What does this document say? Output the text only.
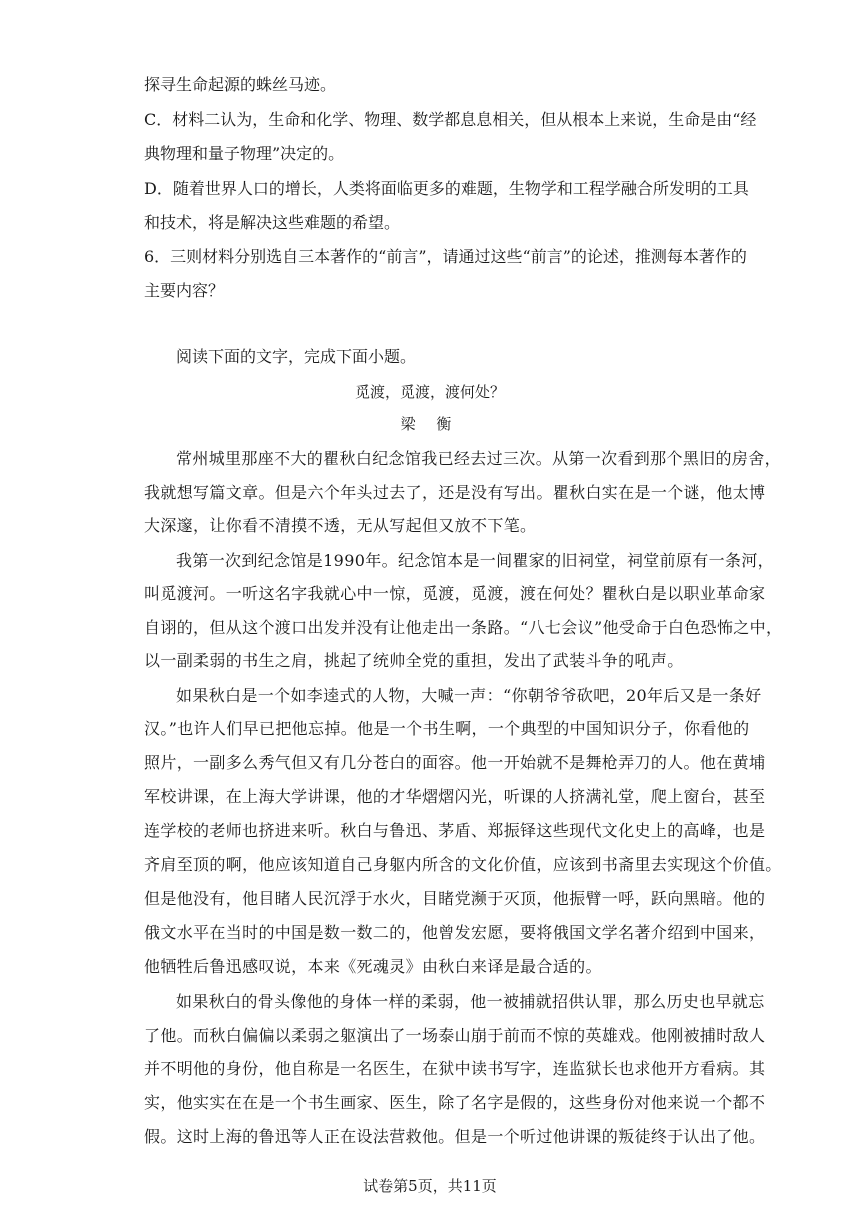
探寻生命起源的蛛丝马迹。
C．材料二认为，生命和化学、物理、数学都息息相关，但从根本上来说，生命是由“经
典物理和量子物理”决定的。
D．随着世界人口的增长，人类将面临更多的难题，生物学和工程学融合所发明的工具
和技术，将是解决这些难题的希望。
6．三则材料分别选自三本著作的“前言”，请通过这些“前言”的论述，推测每本著作的
主要内容？
阅读下面的文字，完成下面小题。
觅渡，觅渡，渡何处？
梁 衡
常州城里那座不大的瞿秋白纪念馆我已经去过三次。从第一次看到那个黑旧的房舍，
我就想写篇文章。但是六个年头过去了，还是没有写出。瞿秋白实在是一个谜，他太博
大深邃，让你看不清摸不透，无从写起但又放不下笔。
我第一次到纪念馆是1990年。纪念馆本是一间瞿家的旧祠堂，祠堂前原有一条河，
叫觅渡河。一听这名字我就心中一惊，觅渡，觅渡，渡在何处？瞿秋白是以职业革命家
自诩的，但从这个渡口出发并没有让他走出一条路。“八七会议”他受命于白色恐怖之中，
以一副柔弱的书生之肩，挑起了统帅全党的重担，发出了武装斗争的吼声。
如果秋白是一个如李逵式的人物，大喊一声：“你朝爷爷砍吧，20年后又是一条好
汉。”也许人们早已把他忘掉。他是一个书生啊，一个典型的中国知识分子，你看他的
照片，一副多么秀气但又有几分苍白的面容。他一开始就不是舞枪弄刀的人。他在黄埔
军校讲课，在上海大学讲课，他的才华熠熠闪光，听课的人挤满礼堂，爬上窗台，甚至
连学校的老师也挤进来听。秋白与鲁迅、茅盾、郑振铎这些现代文化史上的高峰，也是
齐肩至顶的啊，他应该知道自己身躯内所含的文化价值，应该到书斋里去实现这个价值。
但是他没有，他目睹人民沉浮于水火，目睹党濒于灭顶，他振臂一呼，跃向黑暗。他的
俄文水平在当时的中国是数一数二的，他曾发宏愿，要将俄国文学名著介绍到中国来，
他牺牲后鲁迅感叹说，本来《死魂灵》由秋白来译是最合适的。
如果秋白的骨头像他的身体一样的柔弱，他一被捕就招供认罪，那么历史也早就忘
了他。而秋白偏偏以柔弱之躯演出了一场泰山崩于前而不惊的英雄戏。他刚被捕时敌人
并不明他的身份，他自称是一名医生，在狱中读书写字，连监狱长也求他开方看病。其
实，他实实在在是一个书生画家、医生，除了名字是假的，这些身份对他来说一个都不
假。这时上海的鲁迅等人正在设法营救他。但是一个听过他讲课的叛徒终于认出了他。
试卷第5页，共11页
